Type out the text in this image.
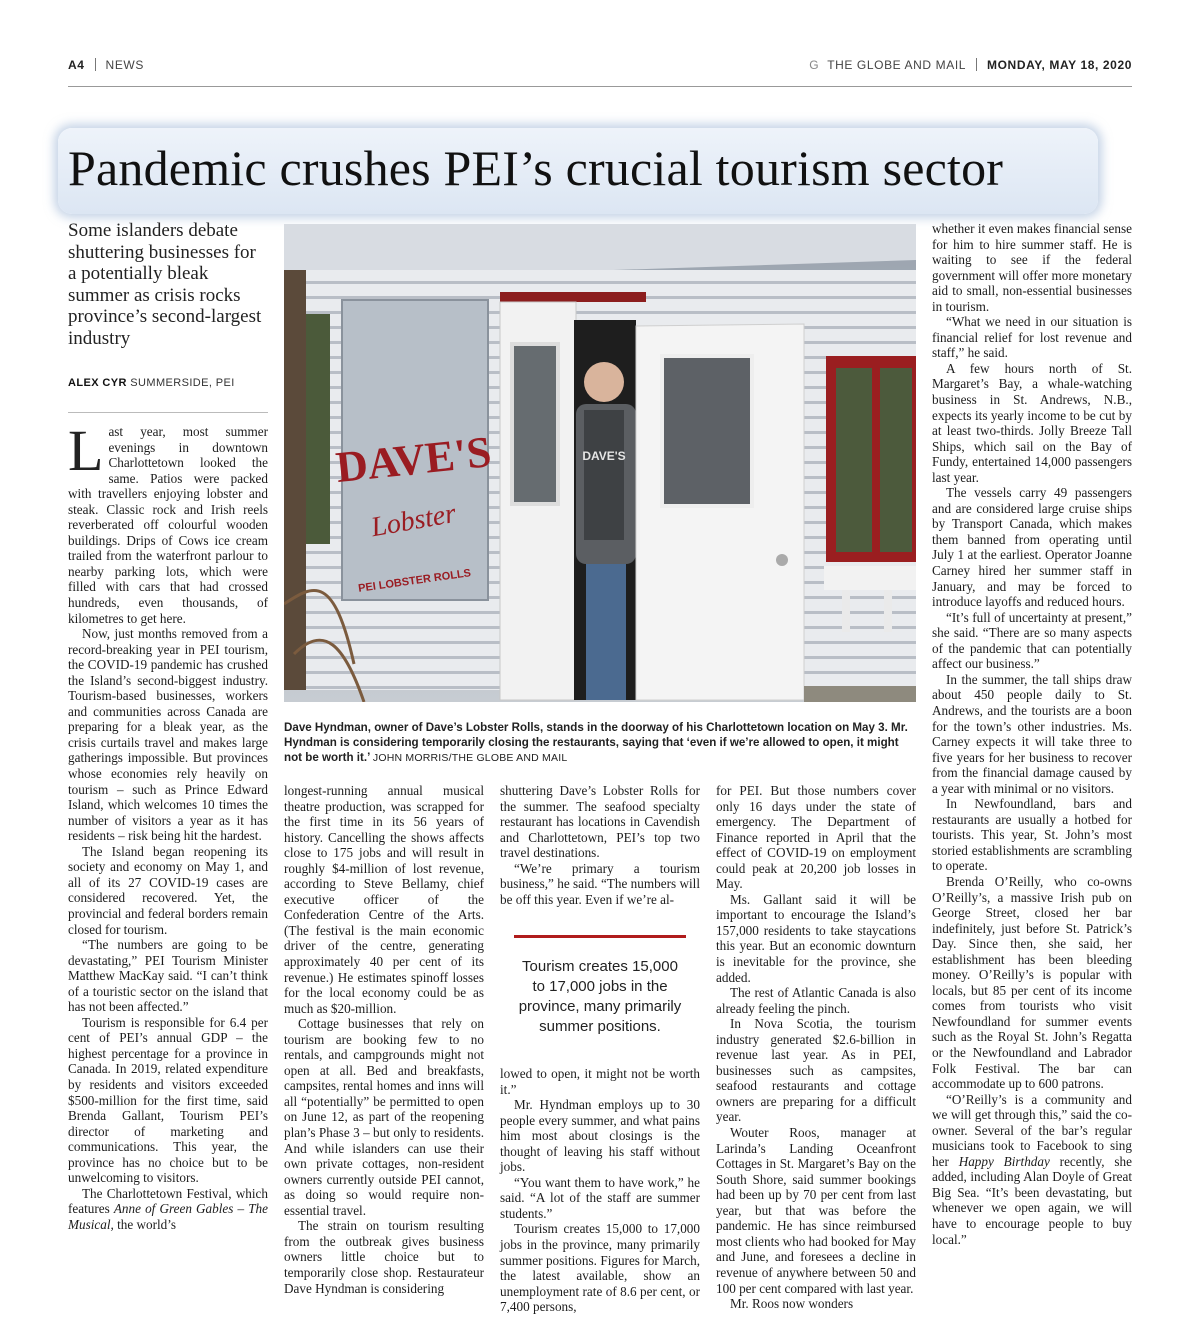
A4 NEWS	G THE GLOBE AND MAIL MONDAY, MAY 18, 2020
Pandemic crushes PEI’s crucial tourism sector
Some islanders debate shuttering businesses for a potentially bleak summer as crisis rocks province’s second-largest industry
ALEX CYR SUMMERSIDE, PEI

Last year, most summer evenings in downtown Charlottetown looked the same. Patios were packed with travellers enjoying lobster and steak. Classic rock and Irish reels reverberated off colourful wooden buildings. Drips of Cows ice cream trailed from the waterfront parlour to nearby parking lots, which were filled with cars that had crossed hundreds, even thousands, of kilometres to get here.

Now, just months removed from a record-breaking year in PEI tourism, the COVID-19 pandemic has crushed the Island’s second-biggest industry. Tourism-based businesses, workers and communities across Canada are preparing for a bleak year, as the crisis curtails travel and makes large gatherings impossible. But provinces whose economies rely heavily on tourism – such as Prince Edward Island, which welcomes 10 times the number of visitors a year as it has residents – risk being hit the hardest.

The Island began reopening its society and economy on May 1, and all of its 27 COVID-19 cases are considered recovered. Yet, the provincial and federal borders remain closed for tourism.

“The numbers are going to be devastating,” PEI Tourism Minister Matthew MacKay said. “I can’t think of a touristic sector on the island that has not been affected.”

Tourism is responsible for 6.4 per cent of PEI’s annual GDP – the highest percentage for a province in Canada. In 2019, related expenditure by residents and visitors exceeded $500-million for the first time, said Brenda Gallant, Tourism PEI’s director of marketing and communications. This year, the province has no choice but to be unwelcoming to visitors.

The Charlottetown Festival, which features Anne of Green Gables – The Musical, the world’s

DAVE'S
Lobster
PEI LOBSTER ROLLS
DAVE'S
Dave Hyndman, owner of Dave’s Lobster Rolls, stands in the doorway of his Charlottetown location on May 3. Mr. Hyndman is considering temporarily closing the restaurants, saying that ‘even if we’re allowed to open, it might not be worth it.’ JOHN MORRIS/THE GLOBE AND MAIL

longest-running annual musical theatre production, was scrapped for the first time in its 56 years of history. Cancelling the shows affects close to 175 jobs and will result in roughly $4-million of lost revenue, according to Steve Bellamy, chief executive officer of the Confederation Centre of the Arts. (The festival is the main economic driver of the centre, generating approximately 40 per cent of its revenue.) He estimates spinoff losses for the local economy could be as much as $20-million.

Cottage businesses that rely on tourism are booking few to no rentals, and campgrounds might not open at all. Bed and breakfasts, campsites, rental homes and inns will all “potentially” be permitted to open on June 12, as part of the reopening plan’s Phase 3 – but only to residents. And while islanders can use their own private cottages, non-resident owners currently outside PEI cannot, as doing so would require non-essential travel.

The strain on tourism resulting from the outbreak gives business owners little choice but to temporarily close shop. Restaurateur Dave Hyndman is considering

shuttering Dave’s Lobster Rolls for the summer. The seafood specialty restaurant has locations in Cavendish and Charlottetown, PEI’s top two travel destinations.

“We’re primary a tourism business,” he said. “The numbers will be off this year. Even if we’re al-

Tourism creates 15,000 to 17,000 jobs in the province, many primarily summer positions.

lowed to open, it might not be worth it.”

Mr. Hyndman employs up to 30 people every summer, and what pains him most about closings is the thought of leaving his staff without jobs.

“You want them to have work,” he said. “A lot of the staff are summer students.”

Tourism creates 15,000 to 17,000 jobs in the province, many primarily summer positions. Figures for March, the latest available, show an unemployment rate of 8.6 per cent, or 7,400 persons,

for PEI. But those numbers cover only 16 days under the state of emergency. The Department of Finance reported in April that the effect of COVID-19 on employment could peak at 20,200 job losses in May.

Ms. Gallant said it will be important to encourage the Island’s 157,000 residents to take staycations this year. But an economic downturn is inevitable for the province, she added.

The rest of Atlantic Canada is also already feeling the pinch.

In Nova Scotia, the tourism industry generated $2.6-billion in revenue last year. As in PEI, businesses such as campsites, seafood restaurants and cottage owners are preparing for a difficult year.

Wouter Roos, manager at Larinda’s Landing Oceanfront Cottages in St. Margaret’s Bay on the South Shore, said summer bookings had been up by 70 per cent from last year, but that was before the pandemic. He has since reimbursed most clients who had booked for May and June, and foresees a decline in revenue of anywhere between 50 and 100 per cent compared with last year.

Mr. Roos now wonders

whether it even makes financial sense for him to hire summer staff. He is waiting to see if the federal government will offer more monetary aid to small, non-essential businesses in tourism.

“What we need in our situation is financial relief for lost revenue and staff,” he said.

A few hours north of St. Margaret’s Bay, a whale-watching business in St. Andrews, N.B., expects its yearly income to be cut by at least two-thirds. Jolly Breeze Tall Ships, which sail on the Bay of Fundy, entertained 14,000 passengers last year.

The vessels carry 49 passengers and are considered large cruise ships by Transport Canada, which makes them banned from operating until July 1 at the earliest. Operator Joanne Carney hired her summer staff in January, and may be forced to introduce layoffs and reduced hours.

“It’s full of uncertainty at present,” she said. “There are so many aspects of the pandemic that can potentially affect our business.”

In the summer, the tall ships draw about 450 people daily to St. Andrews, and the tourists are a boon for the town’s other industries. Ms. Carney expects it will take three to five years for her business to recover from the financial damage caused by a year with minimal or no visitors.

In Newfoundland, bars and restaurants are usually a hotbed for tourists. This year, St. John’s most storied establishments are scrambling to operate.

Brenda O’Reilly, who co-owns O’Reilly’s, a massive Irish pub on George Street, closed her bar indefinitely, just before St. Patrick’s Day. Since then, she said, her establishment has been bleeding money. O’Reilly’s is popular with locals, but 85 per cent of its income comes from tourists who visit Newfoundland for summer events such as the Royal St. John’s Regatta or the Newfoundland and Labrador Folk Festival. The bar can accommodate up to 600 patrons.

“O’Reilly’s is a community and we will get through this,” said the co-owner. Several of the bar’s regular musicians took to Facebook to sing her Happy Birthday recently, she added, including Alan Doyle of Great Big Sea. “It’s been devastating, but whenever we open again, we will have to encourage people to buy local.”
